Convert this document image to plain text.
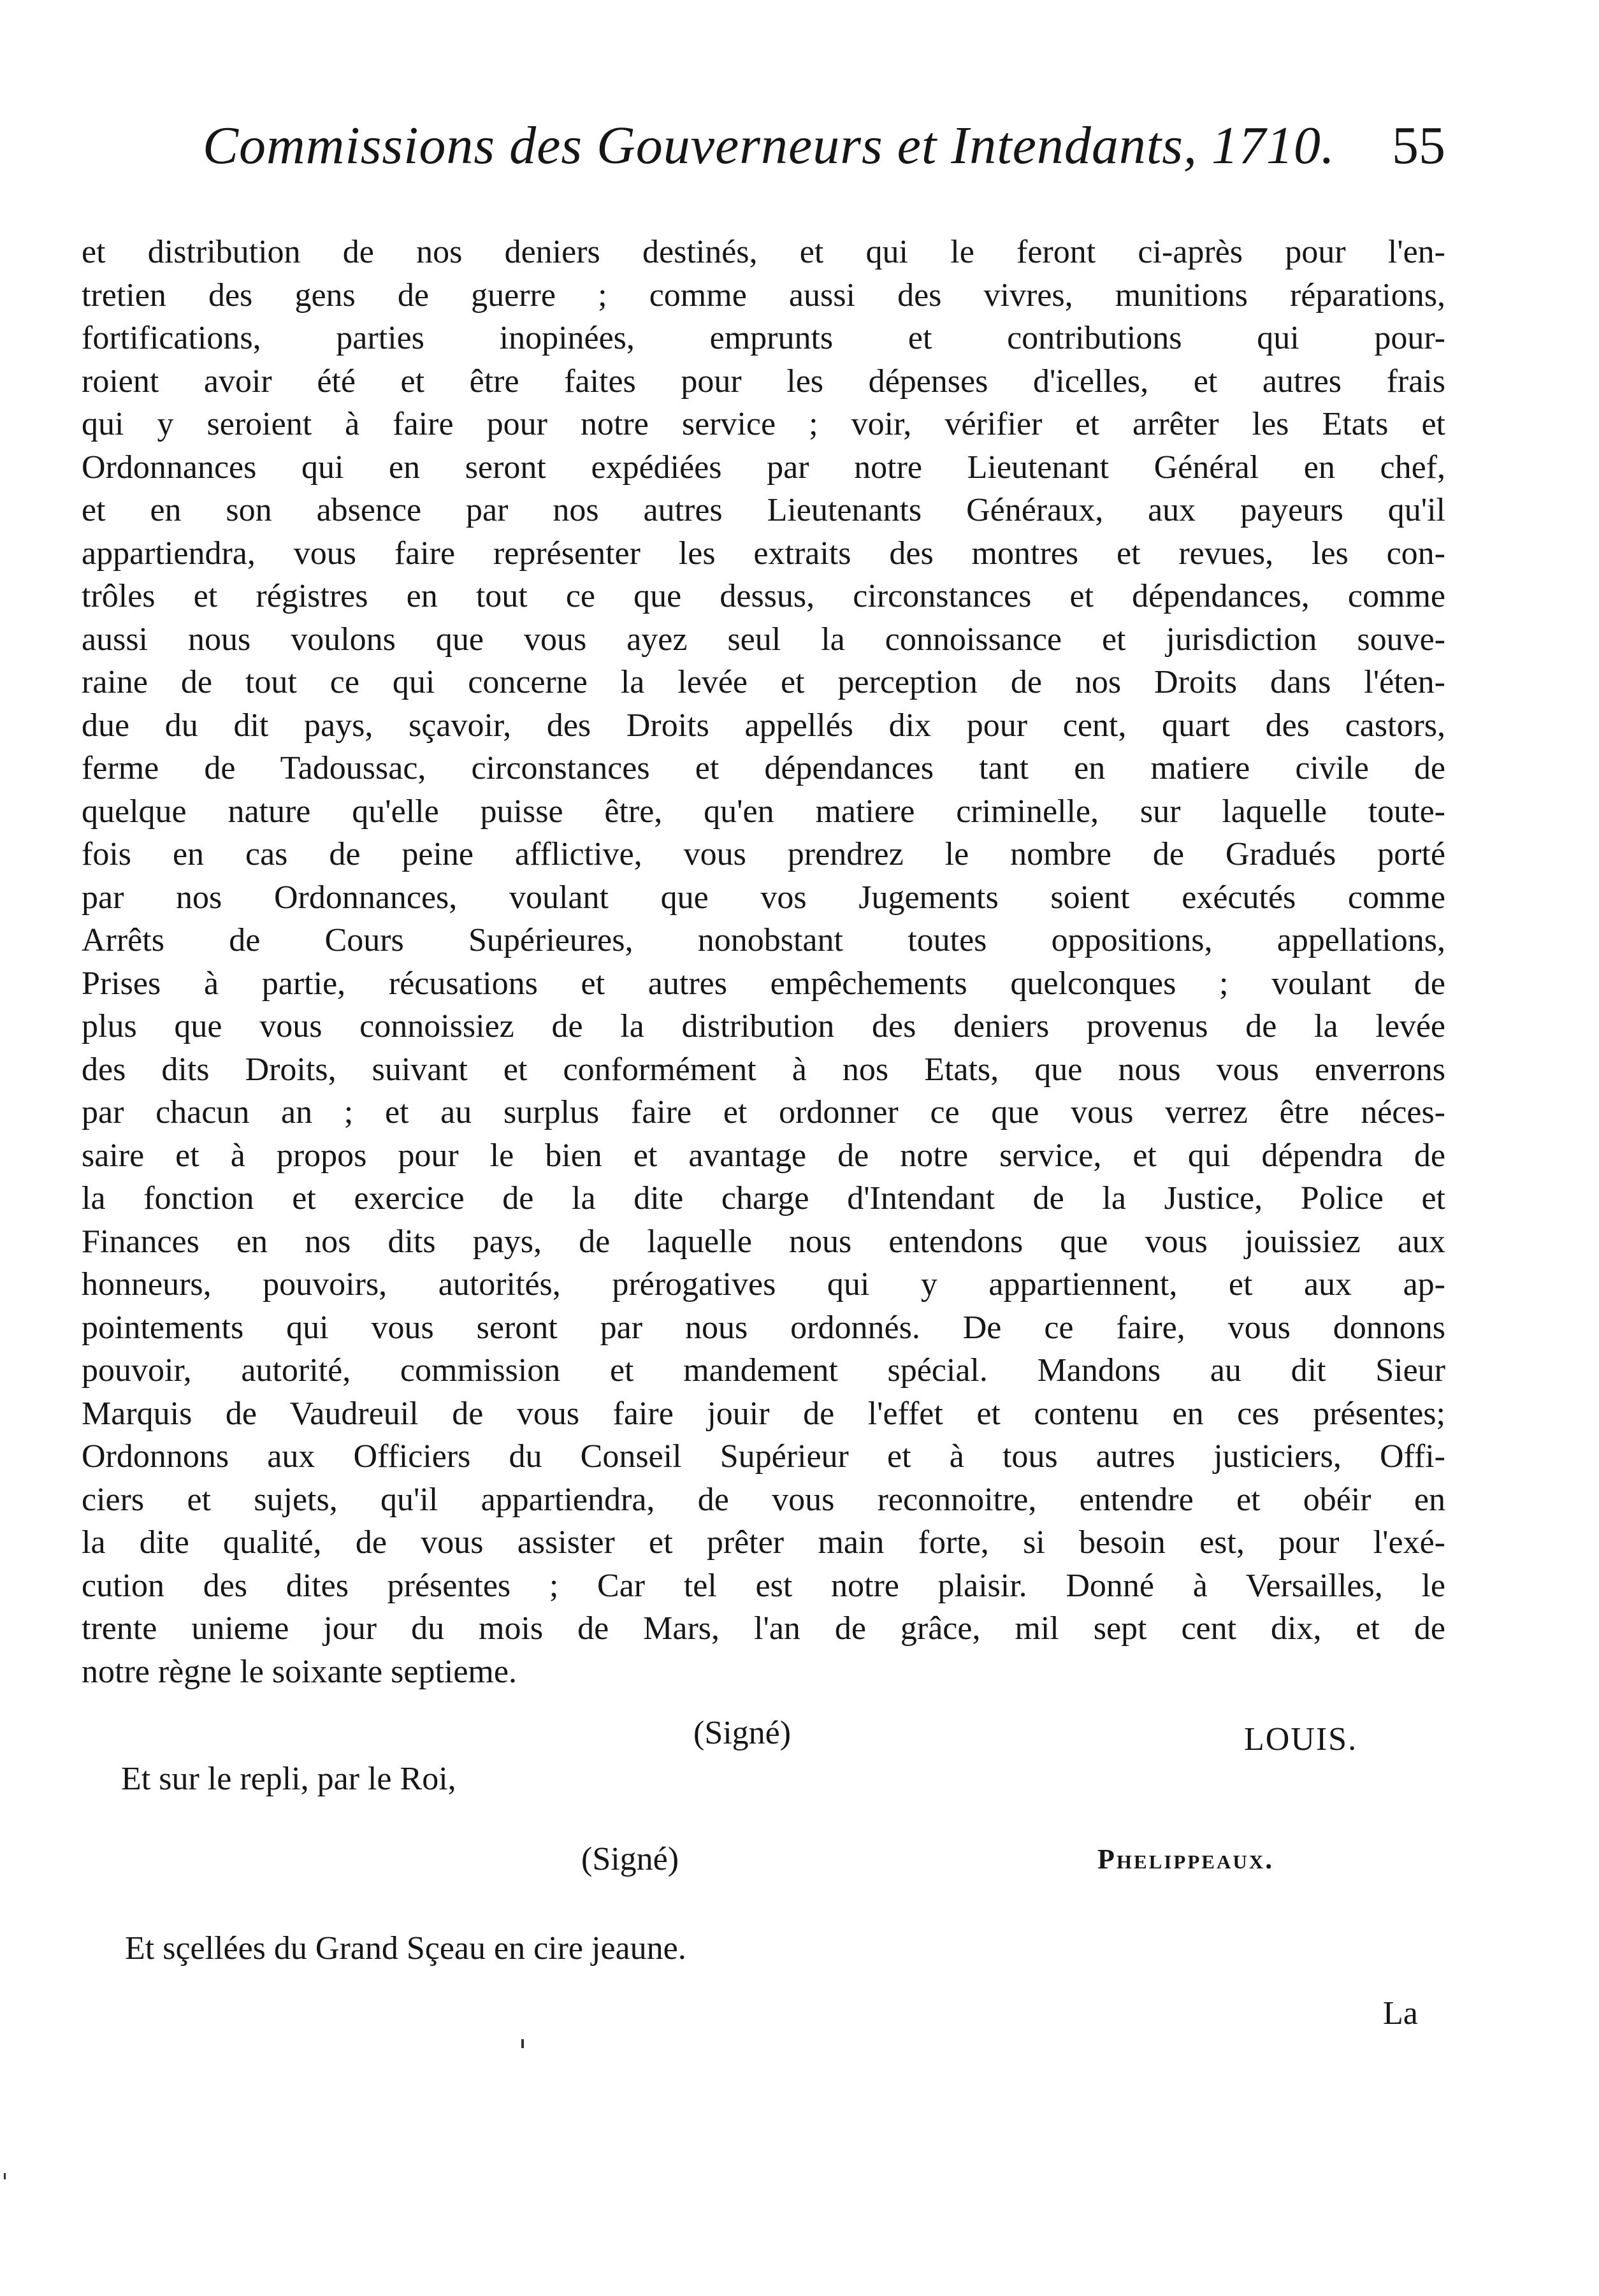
Commissions des Gouverneurs et Intendants, 1710. 55
et distribution de nos deniers destinés, et qui le feront ci-après pour l'en-
tretien des gens de guerre ; comme aussi des vivres, munitions réparations,
fortifications, parties inopinées, emprunts et contributions qui pour-
roient avoir été et être faites pour les dépenses d'icelles, et autres frais
qui y seroient à faire pour notre service ; voir, vérifier et arrêter les Etats et
Ordonnances qui en seront expédiées par notre Lieutenant Général en chef,
et en son absence par nos autres Lieutenants Généraux, aux payeurs qu'il
appartiendra, vous faire représenter les extraits des montres et revues, les con-
trôles et régistres en tout ce que dessus, circonstances et dépendances, comme
aussi nous voulons que vous ayez seul la connoissance et jurisdiction souve-
raine de tout ce qui concerne la levée et perception de nos Droits dans l'éten-
due du dit pays, sçavoir, des Droits appellés dix pour cent, quart des castors,
ferme de Tadoussac, circonstances et dépendances tant en matiere civile de
quelque nature qu'elle puisse être, qu'en matiere criminelle, sur laquelle toute-
fois en cas de peine afflictive, vous prendrez le nombre de Gradués porté
par nos Ordonnances, voulant que vos Jugements soient exécutés comme
Arrêts de Cours Supérieures, nonobstant toutes oppositions, appellations,
Prises à partie, récusations et autres empêchements quelconques ; voulant de
plus que vous connoissiez de la distribution des deniers provenus de la levée
des dits Droits, suivant et conformément à nos Etats, que nous vous enverrons
par chacun an ; et au surplus faire et ordonner ce que vous verrez être néces-
saire et à propos pour le bien et avantage de notre service, et qui dépendra de
la fonction et exercice de la dite charge d'Intendant de la Justice, Police et
Finances en nos dits pays, de laquelle nous entendons que vous jouissiez aux
honneurs, pouvoirs, autorités, prérogatives qui y appartiennent, et aux ap-
pointements qui vous seront par nous ordonnés. De ce faire, vous donnons
pouvoir, autorité, commission et mandement spécial. Mandons au dit Sieur
Marquis de Vaudreuil de vous faire jouir de l'effet et contenu en ces présentes;
Ordonnons aux Officiers du Conseil Supérieur et à tous autres justiciers, Offi-
ciers et sujets, qu'il appartiendra, de vous reconnoitre, entendre et obéir en
la dite qualité, de vous assister et prêter main forte, si besoin est, pour l'exé-
cution des dites présentes ; Car tel est notre plaisir. Donné à Versailles, le
trente unieme jour du mois de Mars, l'an de grâce, mil sept cent dix, et de
notre règne le soixante septieme.
(Signé)	LOUIS.
Et sur le repli, par le Roi,
(Signé)	Phelippeaux.
Et sçellées du Grand Sçeau en cire jeaune.
La
